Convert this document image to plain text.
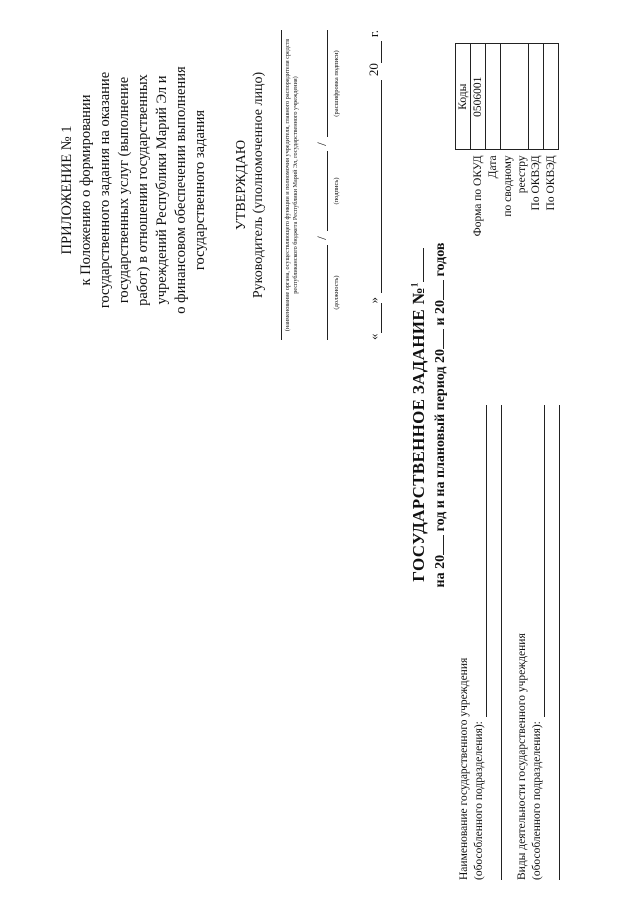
ПРИЛОЖЕНИЕ № 1 к Положению о формировании государственного задания на оказание государственных услуг (выполнение работ) в отношении государственных учреждений Республики Марий Эл и о финансовом обеспечении выполнения государственного задания УТВЕРЖДАЮ Руководитель (уполномоченное лицо)	(наименование органа, осуществляющего функции и полномочия учредителя, главного распорядителя средств республиканского бюджета Республики Марий Эл, государственного учреждения) /
/
(должность)
(подпись)
(расшифровка подписи)
«
»
20
г.
ГОСУДАРСТВЕННОЕ ЗАДАНИЕ №$^1$
на 20 год и на плановый период 20 и 20 годов
	Коды
Форма по ОКУД	0506001
Дата	
по сводному	
реестру	
По ОКВЭД	
По ОКВЭД	
Наименование государственного учреждения (обособленного подразделения):	Виды деятельности государственного учреждения (обособленного подразделения):
